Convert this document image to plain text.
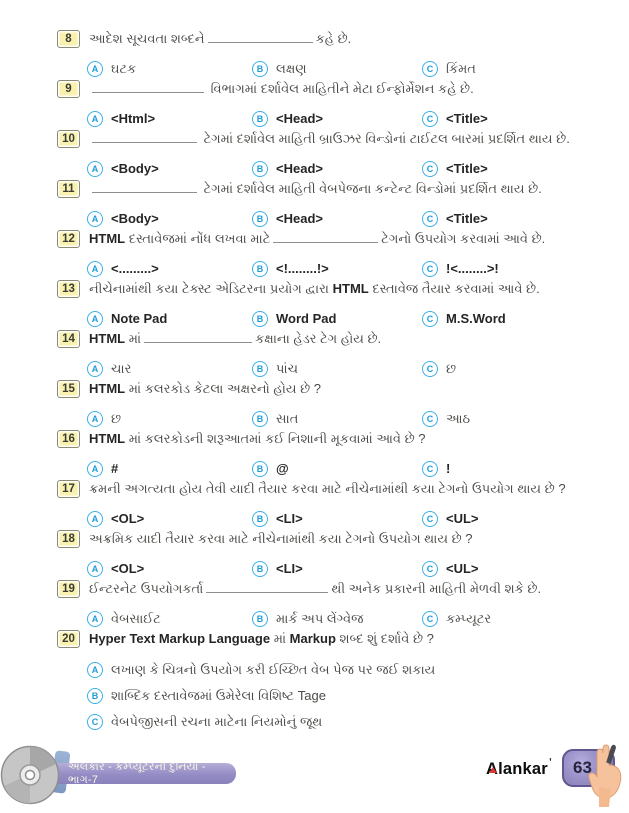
8	આદેશ સૂચવતા શબ્દને	કહે છે.
A ઘટક	B લક્ષણ	C કિંમત
9	વિભાગમાં દર્શાવેલ માહિતીને મેટા ઈન્ફોર્મેશન કહે છે.
A <Html>	B <Head>	C <Title>
10	ટેગમાં દર્શાવેલ માહિતી બ્રાઉઝર વિન્ડોનાં ટાઈટલ બારમાં પ્રદર્શિત થાય છે.
A <Body>	B <Head>	C <Title>
11	ટેગમાં દર્શાવેલ માહિતી વેબપેજના કન્ટેન્ટ વિન્ડોમાં પ્રદર્શિત થાય છે.
A <Body>	B <Head>	C <Title>
12	HTML દસ્તાવેજમાં નોંધ લખવા માટે	ટેગનો ઉપયોગ કરવામાં આવે છે.
A <.........>	B <!........!>	C !<........>!
13	નીચેનામાંથી કયા ટેક્સ્ટ એડિટરના પ્રયોગ દ્વારા HTML દસ્તાવેજ તૈયાર કરવામાં આવે છે.
A Note Pad	B Word Pad	C M.S.Word
14	HTML માં	કક્ષાના હેડર ટેગ હોય છે.
A ચાર	B પાંચ	C છ
15	HTML માં કલરકોડ કેટલા અક્ષરનો હોય છે ?
A છ	B સાત	C આઠ
16	HTML માં કલરકોડની શરૂઆતમાં કઈ નિશાની મૂકવામાં આવે છે ?
A #	B @	C !
17	ક્રમની અગત્યતા હોય તેવી યાદી તૈયાર કરવા માટે નીચેનામાંથી કયા ટેગનો ઉપયોગ થાય છે ?
A <OL>	B <LI>	C <UL>
18	અક્રમિક યાદી તૈયાર કરવા માટે નીચેનામાંથી કયા ટેગનો ઉપયોગ થાય છે ?
A <OL>	B <LI>	C <UL>
19	ઈન્ટરનેટ ઉપયોગકર્તા	થી અનેક પ્રકારની માહિતી મેળવી શકે છે.
A વેબસાઈટ	B માર્ક અપ લેંગ્વેજ	C કમ્પ્યૂટર
20	Hyper Text Markup Language માં Markup શબ્દ શું દર્શાવે છે ?
A લખાણ કે ચિત્રનો ઉપયોગ કરી ઈચ્છિત વેબ પેજ પર જઈ શકાય
B શાબ્દિક દસ્તાવેજમાં ઉમેરેલા વિશિષ્ટ Tage
C વેબપેજીસની રચના માટેના નિયમોનું જૂથ
અલંકાર - કમ્પ્યૂટરની દુનિયા - ભાગ-7
Alankar ʼ 63
